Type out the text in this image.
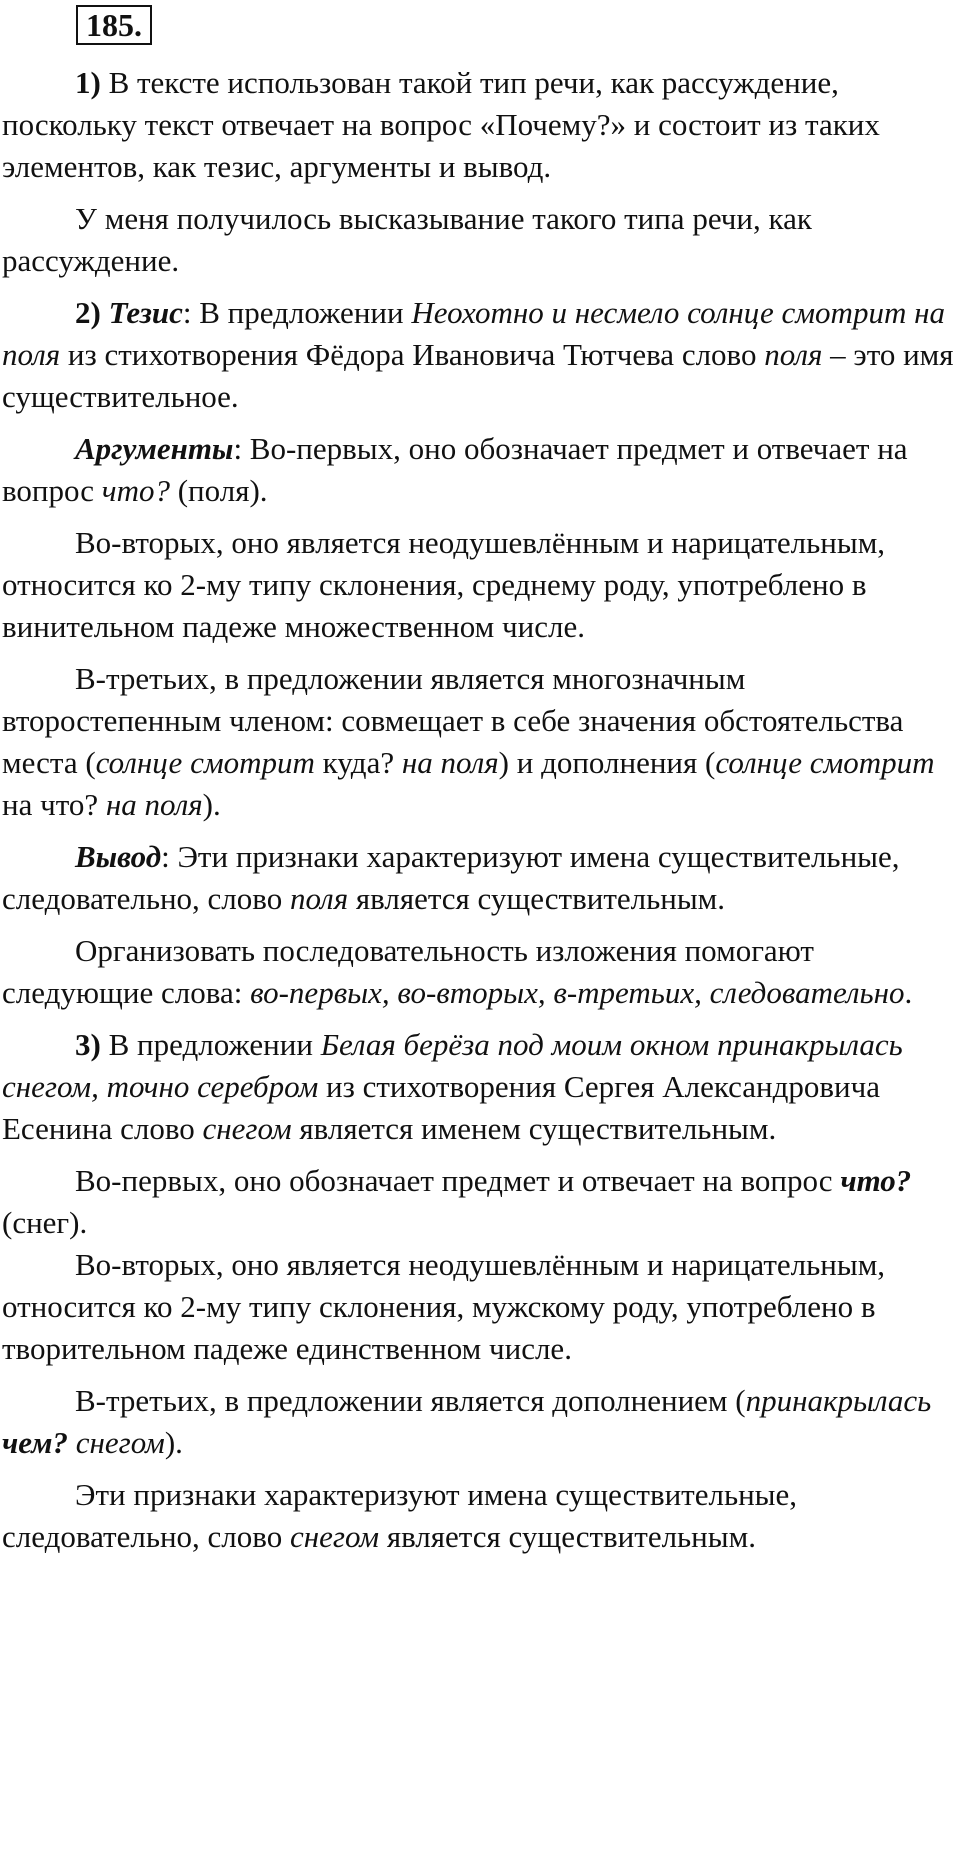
185.

1) В тексте использован такой тип речи, как рассуждение, поскольку текст отвечает на вопрос «Почему?» и состоит из таких элементов, как тезис, аргументы и вывод.

У меня получилось высказывание такого типа речи, как рассуждение.

2) Тезис: В предложении Неохотно и несмело солнце смотрит на поля из стихотворения Фёдора Ивановича Тютчева слово поля – это имя существительное.

Аргументы: Во-первых, оно обозначает предмет и отвечает на вопрос что? (поля).

Во-вторых, оно является неодушевлённым и нарицательным, относится ко 2-му типу склонения, среднему роду, употреблено в винительном падеже множественном числе.

В-третьих, в предложении является многозначным второстепенным членом: совмещает в себе значения обстоятельства места (солнце смотрит куда? на поля) и дополнения (солнце смотрит на что? на поля).

Вывод: Эти признаки характеризуют имена существительные, следовательно, слово поля является существительным.

Организовать последовательность изложения помогают следующие слова: во-первых, во-вторых, в-третьих, следовательно.

3) В предложении Белая берёза под моим окном принакрылась снегом, точно серебром из стихотворения Сергея Александровича Есенина слово снегом является именем существительным.

Во-первых, оно обозначает предмет и отвечает на вопрос что? (снег).

Во-вторых, оно является неодушевлённым и нарицательным, относится ко 2-му типу склонения, мужскому роду, употреблено в творительном падеже единственном числе.

В-третьих, в предложении является дополнением (принакрылась чем? снегом).

Эти признаки характеризуют имена существительные, следовательно, слово снегом является существительным.
